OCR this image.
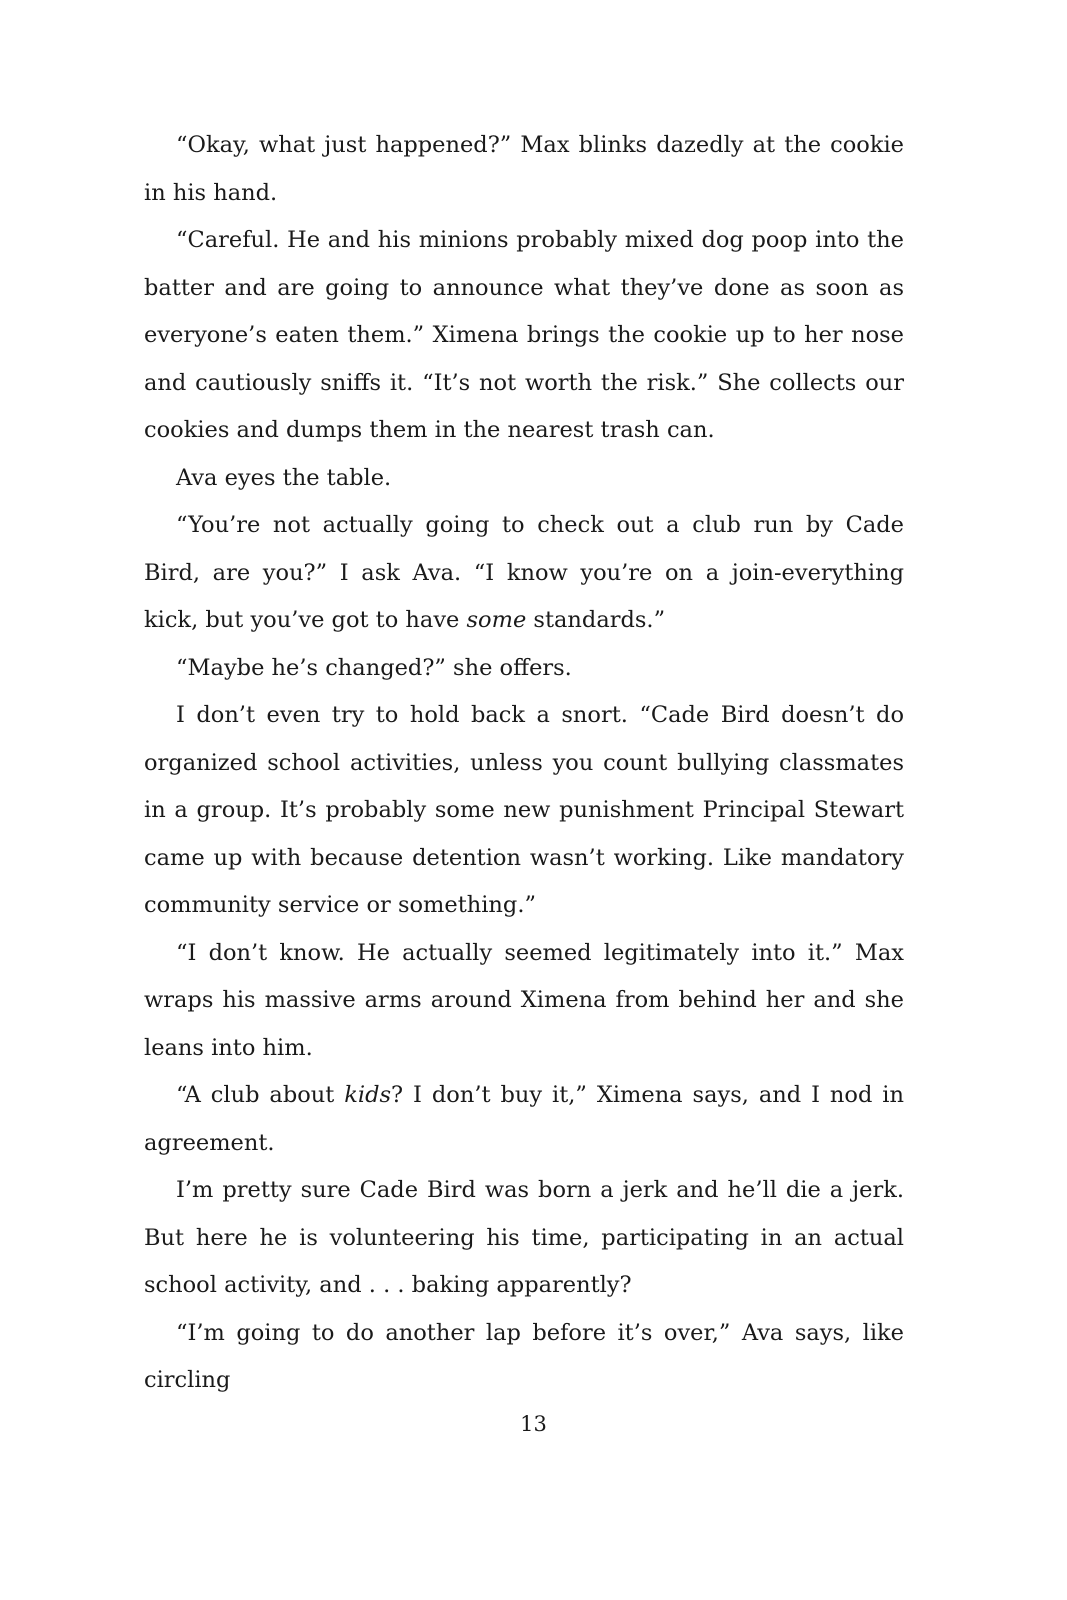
“Okay, what just happened?” Max blinks dazedly at the cookie in his hand.

“Careful. He and his minions probably mixed dog poop into the batter and are going to announce what they’ve done as soon as everyone’s eaten them.” Ximena brings the cookie up to her nose and cautiously sniffs it. “It’s not worth the risk.” She collects our cookies and dumps them in the nearest trash can.

Ava eyes the table.

“You’re not actually going to check out a club run by Cade Bird, are you?” I ask Ava. “I know you’re on a join-everything kick, but you’ve got to have some standards.”

“Maybe he’s changed?” she offers.

I don’t even try to hold back a snort. “Cade Bird doesn’t do organized school activities, unless you count bullying classmates in a group. It’s probably some new punishment Principal Stewart came up with because detention wasn’t working. Like mandatory community service or something.”

“I don’t know. He actually seemed legitimately into it.” Max wraps his massive arms around Ximena from behind her and she leans into him.

“A club about kids? I don’t buy it,” Ximena says, and I nod in agreement.

I’m pretty sure Cade Bird was born a jerk and he’ll die a jerk. But here he is volunteering his time, participating in an actual school activity, and . . . baking apparently?

“I’m going to do another lap before it’s over,” Ava says, like circling

13
